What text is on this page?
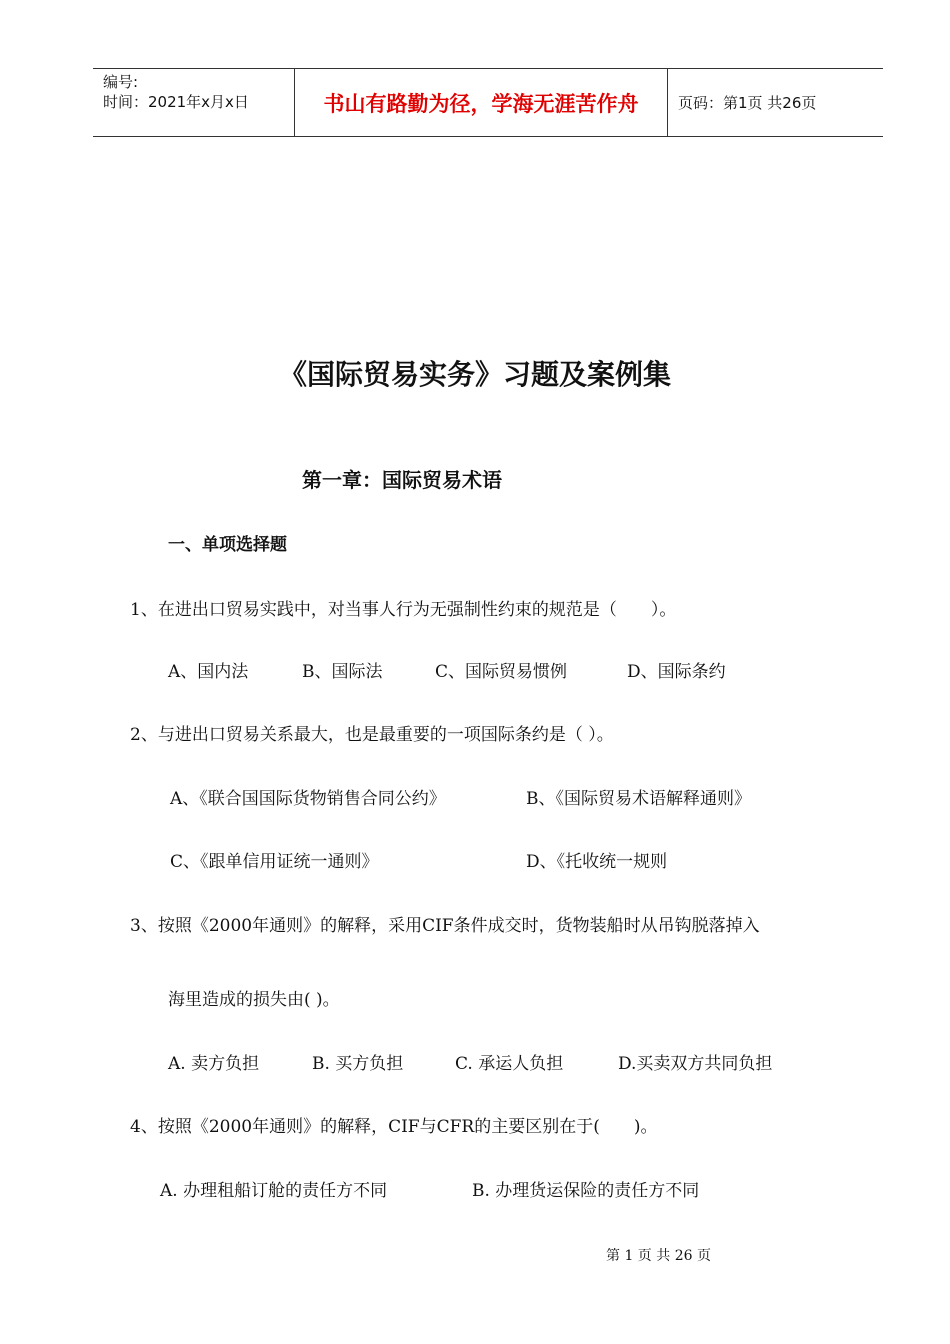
编号:
时间：2021年x月x日	书山有路勤为径，学海无涯苦作舟	页码：第1页 共26页
《国际贸易实务》习题及案例集
第一章：国际贸易术语
一、单项选择题
1、在进出口贸易实践中，对当事人行为无强制性约束的规范是（　　）。
A、国内法	B、国际法	C、国际贸易惯例	D、国际条约
2、与进出口贸易关系最大，也是最重要的一项国际条约是（ ）。
A、《联合国国际货物销售合同公约》	B、《国际贸易术语解释通则》
C、《跟单信用证统一通则》	D、《托收统一规则
3、按照《2000年通则》的解释，采用CIF条件成交时，货物装船时从吊钩脱落掉入
海里造成的损失由( )。
A. 卖方负担	B. 买方负担	C. 承运人负担	D.买卖双方共同负担
4、按照《2000年通则》的解释，CIF与CFR的主要区别在于(　　)。
A. 办理租船订舱的责任方不同	B. 办理货运保险的责任方不同
第 1 页 共 26 页
